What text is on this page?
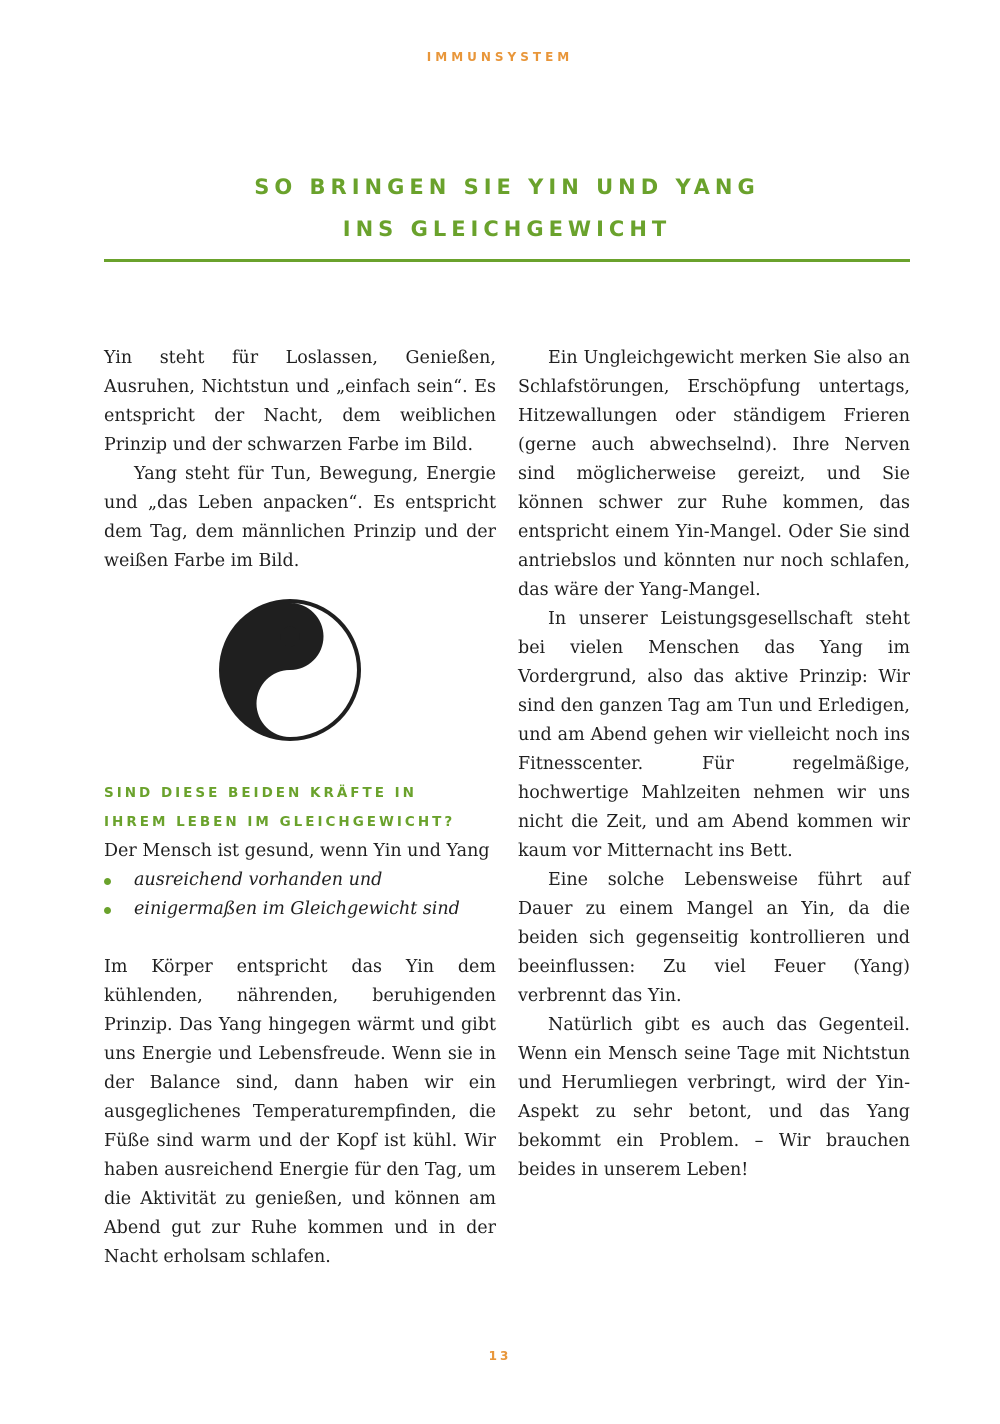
IMMUNSYSTEM
SO BRINGEN SIE YIN UND YANG
INS GLEICHGEWICHT

Yin steht für Loslassen, Genießen, Ausruhen, Nichtstun und „einfach sein“. Es entspricht der Nacht, dem weiblichen Prinzip und der schwarzen Farbe im Bild.

Yang steht für Tun, Bewegung, Energie und „das Leben anpacken“. Es entspricht dem Tag, dem männlichen Prinzip und der weißen Farbe im Bild.

SIND DIESE BEIDEN KRÄFTE IN
IHREM LEBEN IM GLEICHGEWICHT?

Der Mensch ist gesund, wenn Yin und Yang

ausreichend vorhanden und
einigermaßen im Gleichgewicht sind

Im Körper entspricht das Yin dem kühlenden, nährenden, beruhigenden Prinzip. Das Yang hingegen wärmt und gibt uns Energie und Lebensfreude. Wenn sie in der Balance sind, dann haben wir ein ausgeglichenes Temperaturempfinden, die Füße sind warm und der Kopf ist kühl. Wir haben ausreichend Energie für den Tag, um die Aktivität zu genießen, und können am Abend gut zur Ruhe kommen und in der Nacht erholsam schlafen.

Ein Ungleichgewicht merken Sie also an Schlafstörungen, Erschöpfung untertags, Hitzewallungen oder ständigem Frieren (gerne auch abwechselnd). Ihre Nerven sind möglicherweise gereizt, und Sie können schwer zur Ruhe kommen, das entspricht einem Yin-Mangel. Oder Sie sind antriebslos und könnten nur noch schlafen, das wäre der Yang-Mangel.

In unserer Leistungsgesellschaft steht bei vielen Menschen das Yang im Vordergrund, also das aktive Prinzip: Wir sind den ganzen Tag am Tun und Erledigen, und am Abend gehen wir vielleicht noch ins Fitnesscenter. Für regelmäßige, hochwertige Mahlzeiten nehmen wir uns nicht die Zeit, und am Abend kommen wir kaum vor Mitternacht ins Bett.

Eine solche Lebensweise führt auf Dauer zu einem Mangel an Yin, da die beiden sich gegenseitig kontrollieren und beeinflussen: Zu viel Feuer (Yang) verbrennt das Yin.

Natürlich gibt es auch das Gegenteil. Wenn ein Mensch seine Tage mit Nichtstun und Herumliegen verbringt, wird der Yin-Aspekt zu sehr betont, und das Yang bekommt ein Problem. – Wir brauchen beides in unserem Leben!

13
